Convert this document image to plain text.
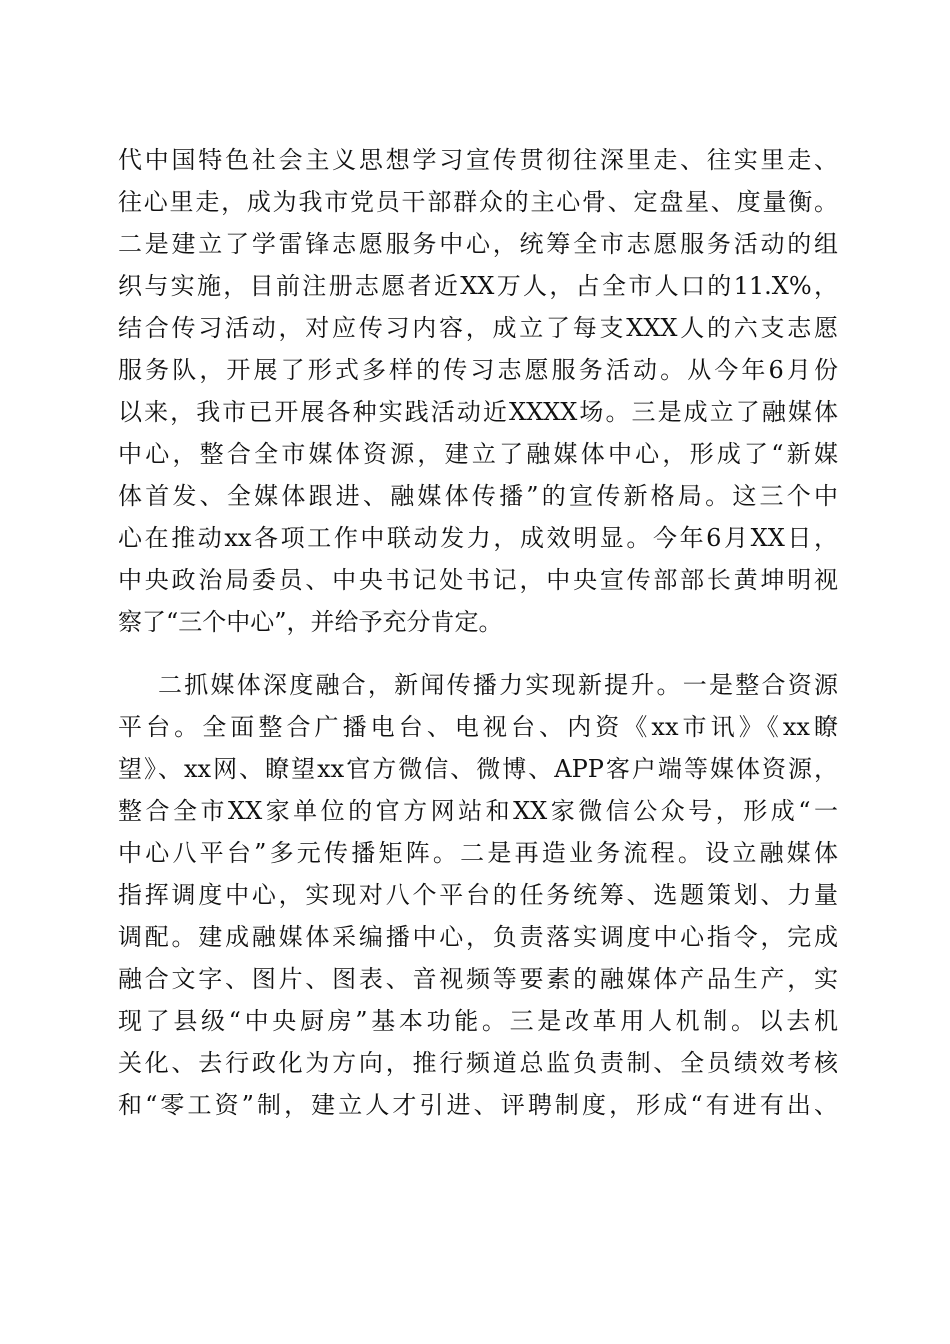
代中国特色社会主义思想学习宣传贯彻往深里走、往实里走、
往心里走，成为我市党员干部群众的主心骨、定盘星、度量衡。
二是建立了学雷锋志愿服务中心，统筹全市志愿服务活动的组
织与实施，目前注册志愿者近XX万人，占全市人口的11.X%，
结合传习活动，对应传习内容，成立了每支XXX人的六支志愿
服务队，开展了形式多样的传习志愿服务活动。从今年6月份
以来，我市已开展各种实践活动近XXXX场。三是成立了融媒体
中心，整合全市媒体资源，建立了融媒体中心，形成了“新媒
体首发、全媒体跟进、融媒体传播”的宣传新格局。这三个中
心在推动xx各项工作中联动发力，成效明显。今年6月XX日，
中央政治局委员、中央书记处书记，中央宣传部部长黄坤明视
察了“三个中心”，并给予充分肯定。
二抓媒体深度融合，新闻传播力实现新提升。一是整合资源
平台。全面整合广播电台、电视台、内资《xx市讯》《xx瞭
望》、xx网、瞭望xx官方微信、微博、APP客户端等媒体资源，
整合全市XX家单位的官方网站和XX家微信公众号，形成“一
中心八平台”多元传播矩阵。二是再造业务流程。设立融媒体
指挥调度中心，实现对八个平台的任务统筹、选题策划、力量
调配。建成融媒体采编播中心，负责落实调度中心指令，完成
融合文字、图片、图表、音视频等要素的融媒体产品生产，实
现了县级“中央厨房”基本功能。三是改革用人机制。以去机
关化、去行政化为方向，推行频道总监负责制、全员绩效考核
和“零工资”制，建立人才引进、评聘制度，形成“有进有出、
